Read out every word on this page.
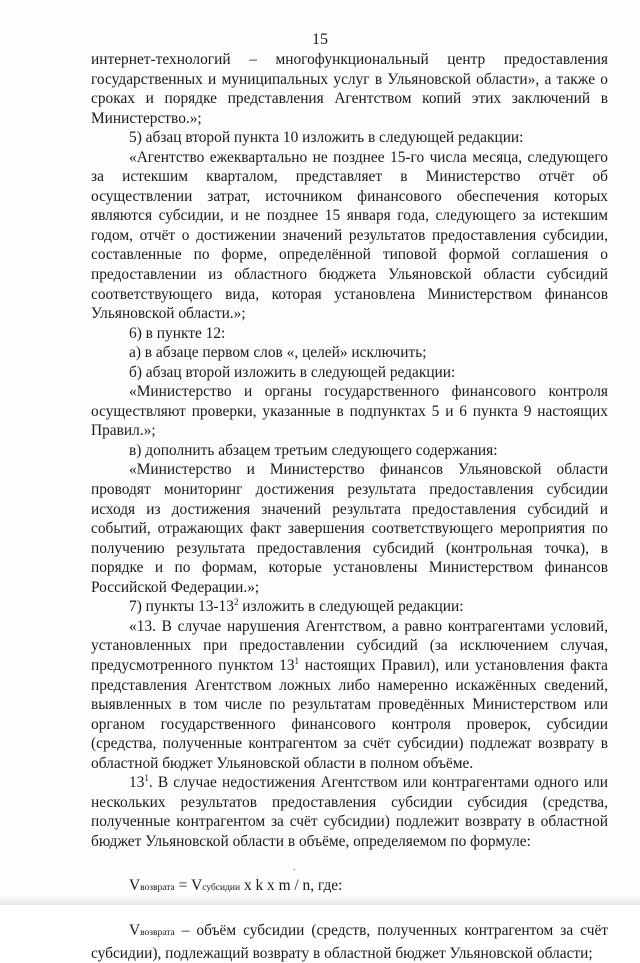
15

интернет-технологий – многофункциональный центр предоставления государственных и муниципальных услуг в Ульяновской области», а также о сроках и порядке представления Агентством копий этих заключений в Министерство.»;

5) абзац второй пункта 10 изложить в следующей редакции:

«Агентство ежеквартально не позднее 15-го числа месяца, следующего за истекшим кварталом, представляет в Министерство отчёт об осуществлении затрат, источником финансового обеспечения которых являются субсидии, и не позднее 15 января года, следующего за истекшим годом, отчёт о достижении значений результатов предоставления субсидии, составленные по форме, определённой типовой формой соглашения о предоставлении из областного бюджета Ульяновской области субсидий соответствующего вида, которая установлена Министерством финансов Ульяновской области.»;

6) в пункте 12:

а) в абзаце первом слов «, целей» исключить;

б) абзац второй изложить в следующей редакции:

«Министерство и органы государственного финансового контроля осуществляют проверки, указанные в подпунктах 5 и 6 пункта 9 настоящих Правил.»;

в) дополнить абзацем третьим следующего содержания:

«Министерство и Министерство финансов Ульяновской области проводят мониторинг достижения результата предоставления субсидии исходя из достижения значений результата предоставления субсидий и событий, отражающих факт завершения соответствующего мероприятия по получению результата предоставления субсидий (контрольная точка), в порядке и по формам, которые установлены Министерством финансов Российской Федерации.»;

7) пункты $13-13^2$ изложить в следующей редакции:

«13. В случае нарушения Агентством, а равно контрагентами условий, установленных при предоставлении субсидий (за исключением случая, предусмотренного пунктом $13^1$ настоящих Правил), или установления факта представления Агентством ложных либо намеренно искажённых сведений, выявленных в том числе по результатам проведённых Министерством или органом государственного финансового контроля проверок, субсидии (средства, полученные контрагентом за счёт субсидии) подлежат возврату в областной бюджет Ульяновской области в полном объёме.

$13^1$. В случае недостижения Агентством или контрагентами одного или нескольких результатов предоставления субсидии субсидия (средства, полученные контрагентом за счёт субсидии) подлежит возврату в областной бюджет Ульяновской области в объёме, определяемом по формуле:

Vвозврата = Vсубсидии x k x m / n, где:

Vвозврата – объём субсидии (средств, полученных контрагентом за счёт субсидии), подлежащий возврату в областной бюджет Ульяновской области;

.
